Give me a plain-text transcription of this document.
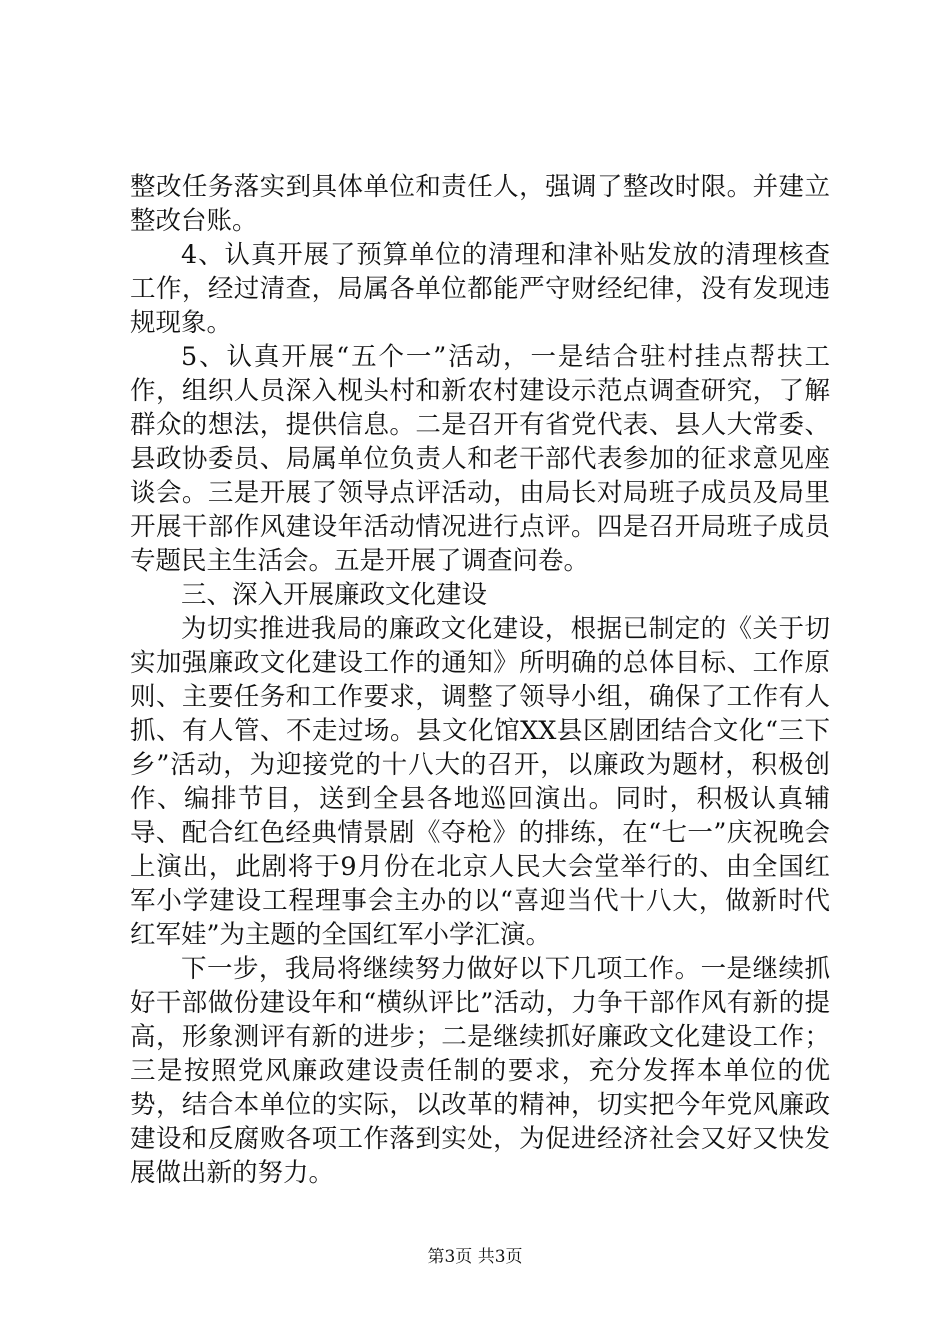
整改任务落实到具体单位和责任人，强调了整改时限。并建立整改台账。

4、认真开展了预算单位的清理和津补贴发放的清理核查工作，经过清查，局属各单位都能严守财经纪律，没有发现违规现象。

5、认真开展“五个一”活动，一是结合驻村挂点帮扶工作，组织人员深入枧头村和新农村建设示范点调查研究，了解群众的想法，提供信息。二是召开有省党代表、县人大常委、县政协委员、局属单位负责人和老干部代表参加的征求意见座谈会。三是开展了领导点评活动，由局长对局班子成员及局里开展干部作风建设年活动情况进行点评。四是召开局班子成员专题民主生活会。五是开展了调查问卷。

三、深入开展廉政文化建设

为切实推进我局的廉政文化建设，根据已制定的《关于切实加强廉政文化建设工作的通知》所明确的总体目标、工作原则、主要任务和工作要求，调整了领导小组，确保了工作有人抓、有人管、不走过场。县文化馆XX县区剧团结合文化“三下乡”活动，为迎接党的十八大的召开，以廉政为题材，积极创作、编排节目，送到全县各地巡回演出。同时，积极认真辅导、配合红色经典情景剧《夺枪》的排练，在“七一”庆祝晚会上演出，此剧将于9月份在北京人民大会堂举行的、由全国红军小学建设工程理事会主办的以“喜迎当代十八大，做新时代红军娃”为主题的全国红军小学汇演。

下一步，我局将继续努力做好以下几项工作。一是继续抓好干部做份建设年和“横纵评比”活动，力争干部作风有新的提高，形象测评有新的进步；二是继续抓好廉政文化建设工作；三是按照党风廉政建设责任制的要求，充分发挥本单位的优势，结合本单位的实际，以改革的精神，切实把今年党风廉政建设和反腐败各项工作落到实处，为促进经济社会又好又快发展做出新的努力。

第3页 共3页
